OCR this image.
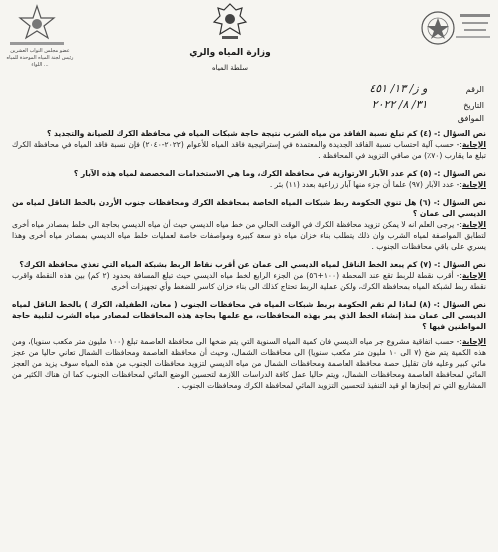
عضو مجلس النواب العشرين رئيس لجنة المياه الموحدة للمياه اللواء ...
وزارة المياه والري
سلطة المياه
الرقم و ز/ ١٣/ ٤٥١
التاريخ ٣١/ ٨/ ٢٠٢٢
الموافق

نص السؤال :- (٤) كم تبلغ نسبة الفاقد من مياه الشرب نتيجة حاجة شبكات المياه في محافظة الكرك للصيانة والتجديد ؟

الإجابة:- حسب آلية احتساب نسبة الفاقد الجديدة والمعتمدة في إستراتيجية فاقد المياه للأعوام (٢٠٢٢-٢٠٤٠) فإن نسبة فاقد المياه في محافظة الكرك تبلغ ما يقارب (٧٠٪) من صافي التزويد في المحافظة .

نص السؤال :- (٥) كم عدد الآبار الارتوازية في محافظة الكرك، وما هي الاستخدامات المخصصة لمياه هذه الآبار ؟

الإجابة:- عدد الآبار (٩٧) علما أن جزء منها آبار زراعية بعدد (١١) بئر .

نص السؤال :- (٦) هل تنوي الحكومة ربط شبكات المياه الخاصة بمحافظة الكرك ومحافظات جنوب الأردن بالخط الناقل لمياه من الديسي الى عمان ؟

الإجابة:- يرجى العلم انه لا يمكن تزويد محافظة الكرك في الوقت الحالي من خط مياه الديسي حيث أن مياه الديسي بحاجة الى خلط بمصادر مياه أخرى لتطابق المواصفة لمياه الشرب وان ذلك يتطلب بناء خزان مياه ذو سعة كبيرة ومواصفات خاصة لعمليات خلط مياه الديسي بمصادر مياه أخرى وهذا يسري على باقي محافظات الجنوب .

نص السؤال :- (٧) كم يبعد الخط الناقل لمياه الديسي الى عمان عن أقرب نقاط الربط بشبكة المياه التي تغذي محافظة الكرك؟

الإجابة:- أقرب نقطة للربط تقع عند المحطة (١٠٠+٥٦) من الجزء الرابع لخط مياه الديسي حيث تبلغ المسافة بحدود (٢ كم) بين هذه النقطة واقرب نقطة ربط لشبكة المياه بمحافظة الكرك، ولكن عملية الربط تحتاج كذلك الى بناء خزان كاسر للضغط وأي تجهيزات أخرى

نص السؤال :- (٨) لماذا لم تقم الحكومة بربط شبكات المياه في محافظات الجنوب ( معان، الطفيلة، الكرك ) بالخط الناقل لمياه الديسي الى عمان منذ إنشاء الخط الذي يمر بهذه المحافظات، مع علمها بحاجة هذه المحافظات لمصادر مياه الشرب لتلبية حاجة المواطنين فيها ؟

الإجابة:- حسب اتفاقية مشروع جر مياه الديسي فان كمية المياه السنوية التي يتم ضخها الى محافظة العاصمة تبلغ (١٠٠ مليون متر مكعب سنويا)، ومن هذه الكمية يتم ضخ (٧ الى ١٠ مليون متر مكعب سنويا) الى محافظات الشمال، وحيث أن محافظة العاصمة ومحافظات الشمال تعاني حاليا من عجز مائي كبير وعليه فان تقليل حصة محافظة العاصمة ومحافظات الشمال من مياه الديسي لتزويد محافظات الجنوب من هذه المياه سوف يزيد من العجز المائي لمحافظة العاصمة ومحافظات الشمال، ويتم حاليا عمل كافة الدراسات اللازمة لتحسين الوضع المائي لمحافظات الجنوب كما ان هناك الكثير من المشاريع التي تم إنجازها او قيد التنفيذ لتحسين التزويد المائي لمحافظة الكرك ومحافظات الجنوب .
